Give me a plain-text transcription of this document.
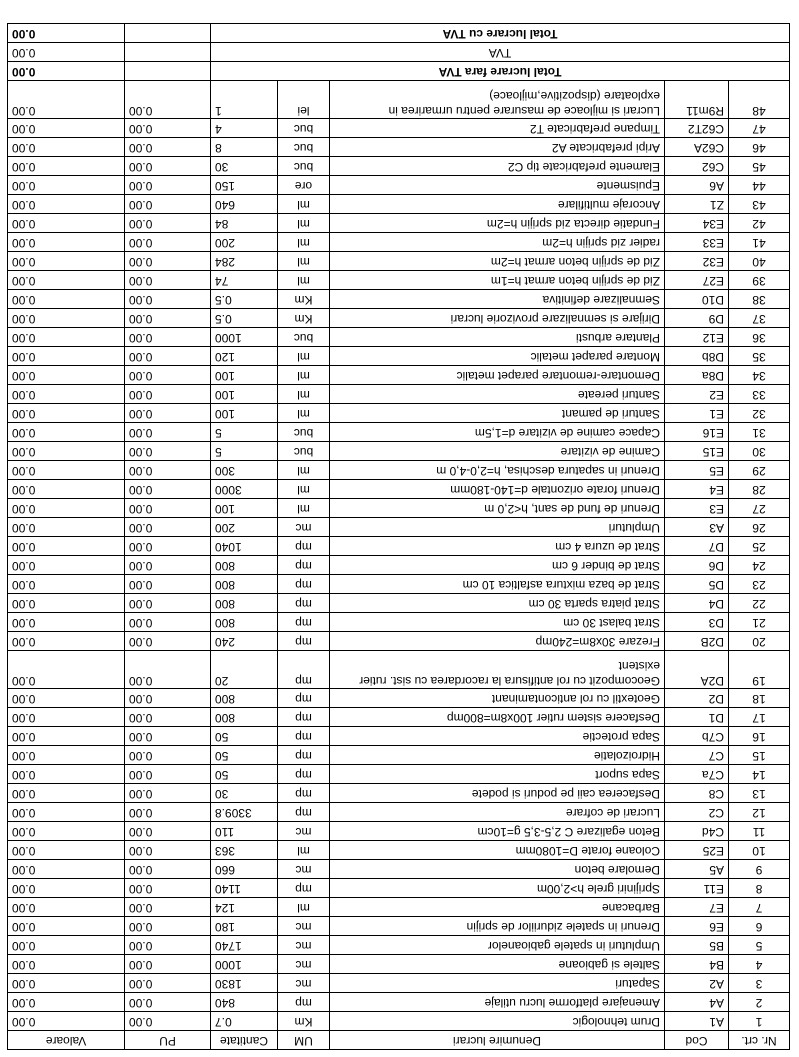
Nr. crt.	Cod	Denumire lucrari	UM	Cantitate	PU	Valoare
1	A1	Drum tehnologic	Km	0.7	0.00	0.00
2	A4	Amenajare platforme lucru utilaje	mp	840	0.00	0.00
3	A2	Sapaturi	mc	1830	0.00	0.00
4	B4	Saltele si gabioane	mc	1000	0.00	0.00
5	B5	Umpluturi in spatele gabioanelor	mc	1740	0.00	0.00
6	E6	Drenuri in spatele ziduriilor de sprijin	mc	180	0.00	0.00
7	E7	Barbacane	ml	124	0.00	0.00
8	E11	Sprijiniri grele h>2,00m	mp	1140	0.00	0.00
9	A5	Demolare beton	mc	660	0.00	0.00
10	E25	Coloane forate D=1080mm	ml	363	0.00	0.00
11	C4d	Beton egalizare C 2,5-3,5 g=10cm	mc	110	0.00	0.00
12	C2	Lucrari de cofrare	mp	3309.8	0.00	0.00
13	C8	Desfacerea caii pe poduri si podete	mp	30	0.00	0.00
14	C7a	Sapa suport	mp	50	0.00	0.00
15	C7	Hidroizolatie	mp	50	0.00	0.00
16	C7b	Sapa protectie	mp	50	0.00	0.00
17	D1	Desfacere sistem rutier 100x8m=800mp	mp	800	0.00	0.00
18	D2	Geotextil cu rol anticontaminant	mp	800	0.00	0.00
19	D2A	Geocompozit cu rol antifisura la racordarea cu sist. rutier existent	mp	20	0.00	0.00
20	D2B	Frezare 30x8m=240mp	mp	240	0.00	0.00
21	D3	Strat balast 30 cm	mp	800	0.00	0.00
22	D4	Strat piatra sparta 30 cm	mp	800	0.00	0.00
23	D5	Strat de baza mixtura asfaltica 10 cm	mp	800	0.00	0.00
24	D6	Strat de binder 6 cm	mp	800	0.00	0.00
25	D7	Strat de uzura 4 cm	mp	1040	0.00	0.00
26	A3	Umpluturi	mc	200	0.00	0.00
27	E3	Drenuri de fund de sant, h<2,0 m	ml	100	0.00	0.00
28	E4	Drenuri forate orizontale d=140-180mm	ml	3000	0.00	0.00
29	E5	Drenuri in sapatura deschisa, h=2,0-4,0 m	ml	300	0.00	0.00
30	E15	Camine de vizitare	buc	5	0.00	0.00
31	E16	Capace camine de vizitare d=1,5m	buc	5	0.00	0.00
32	E1	Santuri de pamant	ml	100	0.00	0.00
33	E2	Santuri pereate	ml	100	0.00	0.00
34	D8a	Demontare-remontare parapet metalic	ml	100	0.00	0.00
35	D8b	Montare parapet metalic	ml	120	0.00	0.00
36	E12	Plantare arbusti	buc	1000	0.00	0.00
37	D9	Dirijare si semnalizare provizorie lucrari	Km	0.5	0.00	0.00
38	D10	Semnalizare definitiva	Km	0.5	0.00	0.00
39	E27	Zid de sprijin beton armat h=1m	ml	74	0.00	0.00
40	E32	Zid de sprijin beton armat h=2m	ml	284	0.00	0.00
41	E33	radier zid sprijin h=2m	ml	200	0.00	0.00
42	E34	Fundatie directa zid sprijin h=2m	ml	84	0.00	0.00
43	Z1	Ancoraje multifilare	ml	640	0.00	0.00
44	A6	Epuismente	ore	150	0.00	0.00
45	C62	Elamente prefabricate tip C2	buc	30	0.00	0.00
46	C62A	Aripi prefabricate A2	buc	8	0.00	0.00
47	C62T2	Timpane prefabricate T2	buc	4	0.00	0.00
48	R9m11	Lucrari si mijloace de masurare pentru urmarirea in exploatare (dispozitive,mijloace)	lei	1	0.00	0.00
Total lucrare fara TVA						0.00
TVA						0.00
Total lucrare cu TVA						0.00
